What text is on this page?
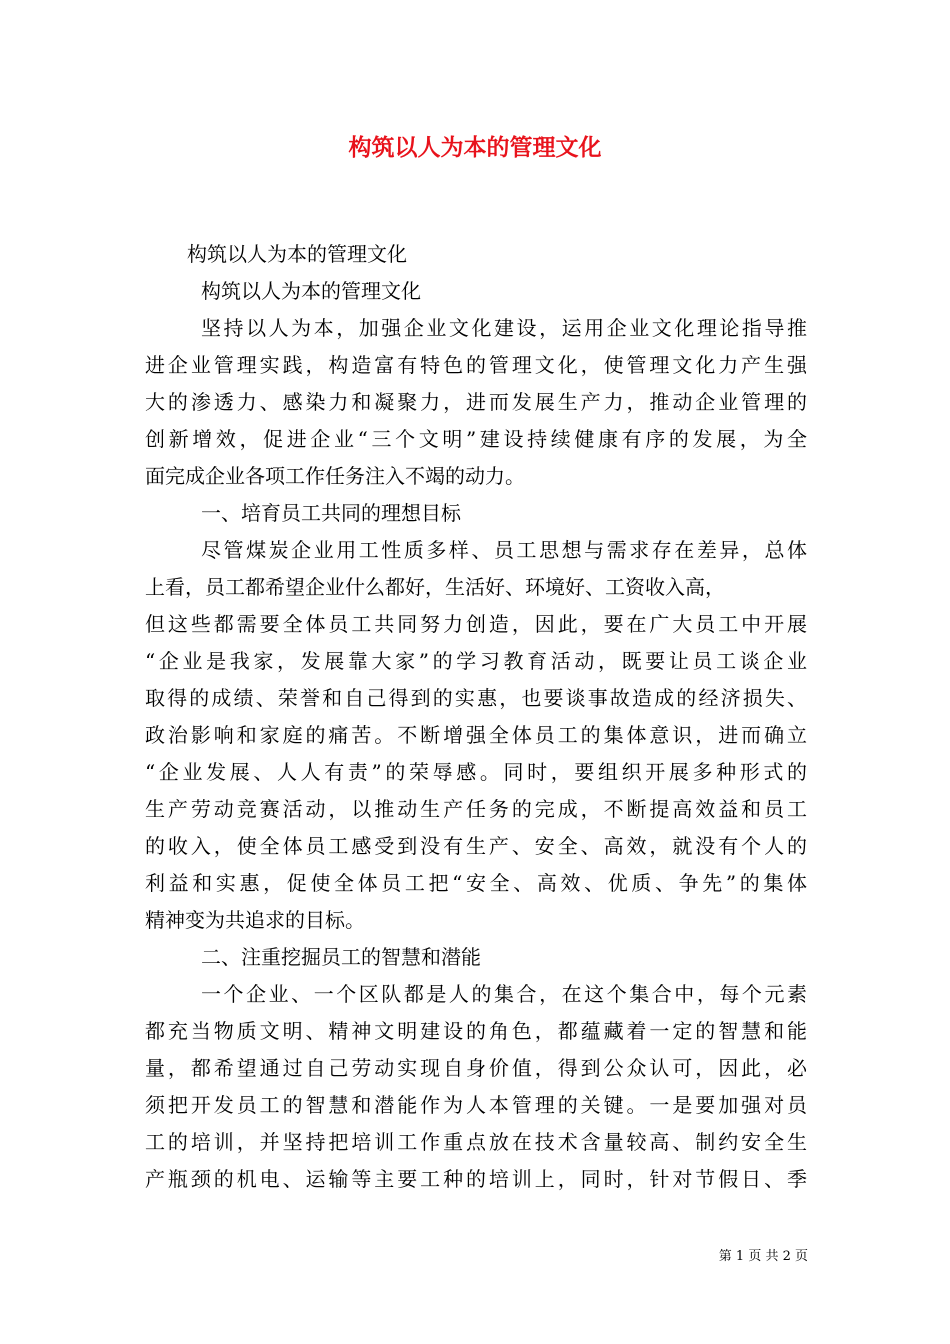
构筑以人为本的管理文化
构筑以人为本的管理文化
构筑以人为本的管理文化
坚持以人为本，加强企业文化建设，运用企业文化理论指导推
进企业管理实践，构造富有特色的管理文化，使管理文化力产生强
大的渗透力、感染力和凝聚力，进而发展生产力，推动企业管理的
创新增效，促进企业“三个文明”建设持续健康有序的发展，为全
面完成企业各项工作任务注入不竭的动力。
一、培育员工共同的理想目标
尽管煤炭企业用工性质多样、员工思想与需求存在差异，总体
上看，员工都希望企业什么都好，生活好、环境好、工资收入高，
但这些都需要全体员工共同努力创造，因此，要在广大员工中开展
“企业是我家，发展靠大家”的学习教育活动，既要让员工谈企业
取得的成绩、荣誉和自己得到的实惠，也要谈事故造成的经济损失、
政治影响和家庭的痛苦。不断增强全体员工的集体意识，进而确立
“企业发展、人人有责”的荣辱感。同时，要组织开展多种形式的
生产劳动竞赛活动，以推动生产任务的完成，不断提高效益和员工
的收入，使全体员工感受到没有生产、安全、高效，就没有个人的
利益和实惠，促使全体员工把“安全、高效、优质、争先”的集体
精神变为共追求的目标。
二、注重挖掘员工的智慧和潜能
一个企业、一个区队都是人的集合，在这个集合中，每个元素
都充当物质文明、精神文明建设的角色，都蕴藏着一定的智慧和能
量，都希望通过自己劳动实现自身价值，得到公众认可，因此，必
须把开发员工的智慧和潜能作为人本管理的关键。一是要加强对员
工的培训，并坚持把培训工作重点放在技术含量较高、制约安全生
产瓶颈的机电、运输等主要工种的培训上，同时，针对节假日、季
第 1 页 共 2 页
